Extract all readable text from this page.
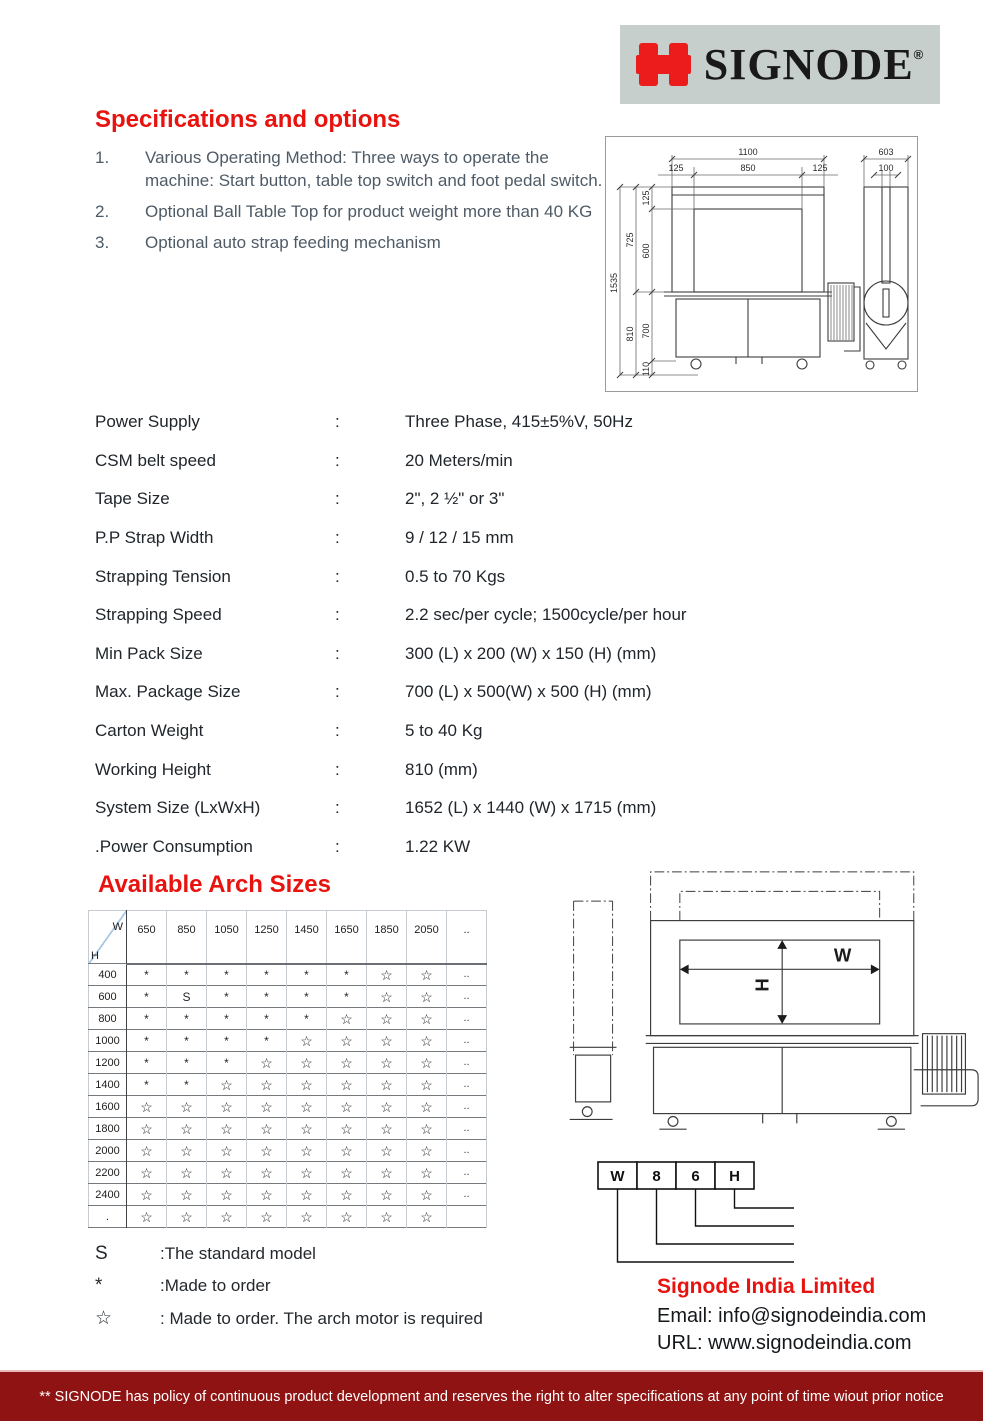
SIGNODE®
Specifications and options
1.	Various Operating Method: Three ways to operate the machine: Start button, table top switch and foot pedal switch.
2.	Optional Ball Table Top for product weight more than 40 KG
3.	Optional auto strap feeding mechanism
1100
850
125	125
1535
725
810
125
600
700
110
603
100
Power Supply	:	Three Phase, 415±5%V, 50Hz
CSM belt speed	:	20 Meters/min
Tape Size	:	2", 2 ½" or 3"
P.P Strap Width	:	9 / 12 / 15 mm
Strapping Tension	:	0.5 to 70 Kgs
Strapping Speed	:	2.2 sec/per cycle; 1500cycle/per hour
Min Pack Size	:	300 (L) x 200 (W) x 150 (H) (mm)
Max. Package Size	:	700 (L) x 500(W) x 500 (H) (mm)
Carton Weight	:	5 to 40 Kg
Working Height	:	810 (mm)
System Size (LxWxH)	:	1652 (L) x 1440 (W) x 1715 (mm)
.Power Consumption	:	1.22 KW
Available Arch Sizes
W
H	650	850	1050	1250	1450	1650	1850	2050	..

400	*	*	*	*	*	*	☆	☆	..
600	*	S	*	*	*	*	☆	☆	..
800	*	*	*	*	*	☆	☆	☆	..
1000	*	*	*	*	☆	☆	☆	☆	..
1200	*	*	*	☆	☆	☆	☆	☆	..
1400	*	*	☆	☆	☆	☆	☆	☆	..
1600	☆	☆	☆	☆	☆	☆	☆	☆	..
1800	☆	☆	☆	☆	☆	☆	☆	☆	..
2000	☆	☆	☆	☆	☆	☆	☆	☆	..
2200	☆	☆	☆	☆	☆	☆	☆	☆	..
2400	☆	☆	☆	☆	☆	☆	☆	☆	..
.	☆	☆	☆	☆	☆	☆	☆	☆	
W
H
W 8 6 H
S	:The standard model
*	:Made to order
☆	: Made to order. The arch motor is required
Signode India Limited
Email: info@signodeindia.com
URL: www.signodeindia.com
** SIGNODE has policy of continuous product development and reserves the right to alter specifications at any point of time wiout prior notice
